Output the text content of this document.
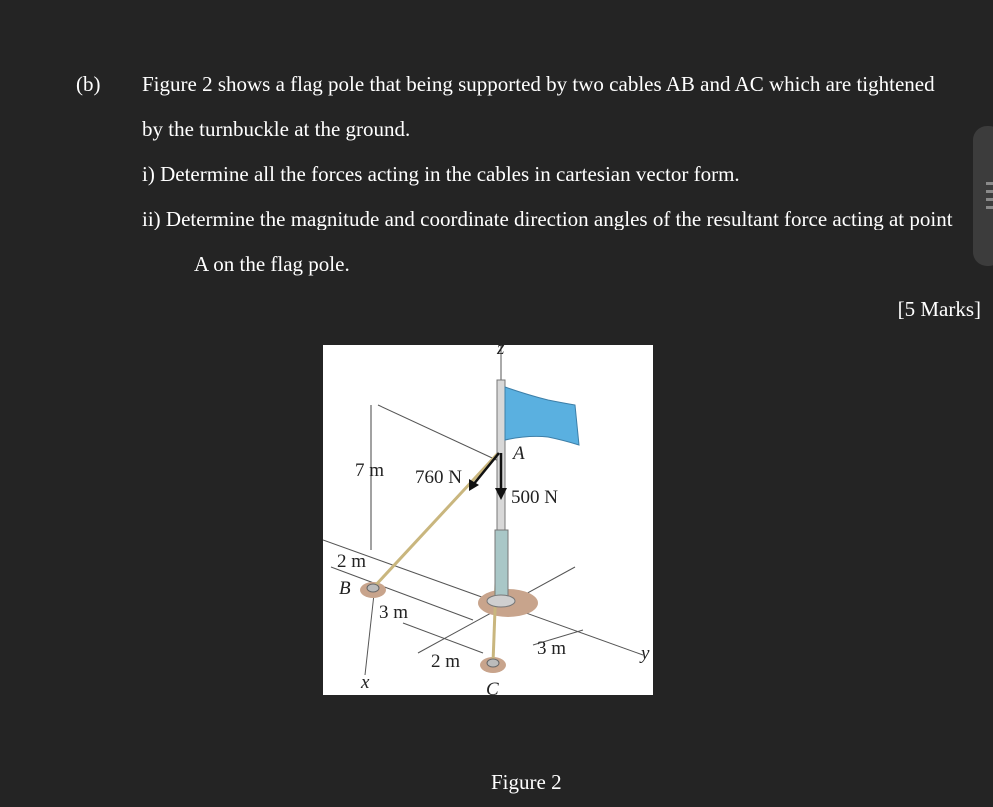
(b) Figure 2 shows a flag pole that being supported by two cables AB and AC which are tightened
by the turnbuckle at the ground.
i) Determine all the forces acting in the cables in cartesian vector form.
ii) Determine the magnitude and coordinate direction angles of the resultant force acting at point
A on the flag pole.
[5 Marks]
z
A
760 N
500 N
7 m
2 m
B
3 m
2 m
3 m
x
y
C
Figure 2
